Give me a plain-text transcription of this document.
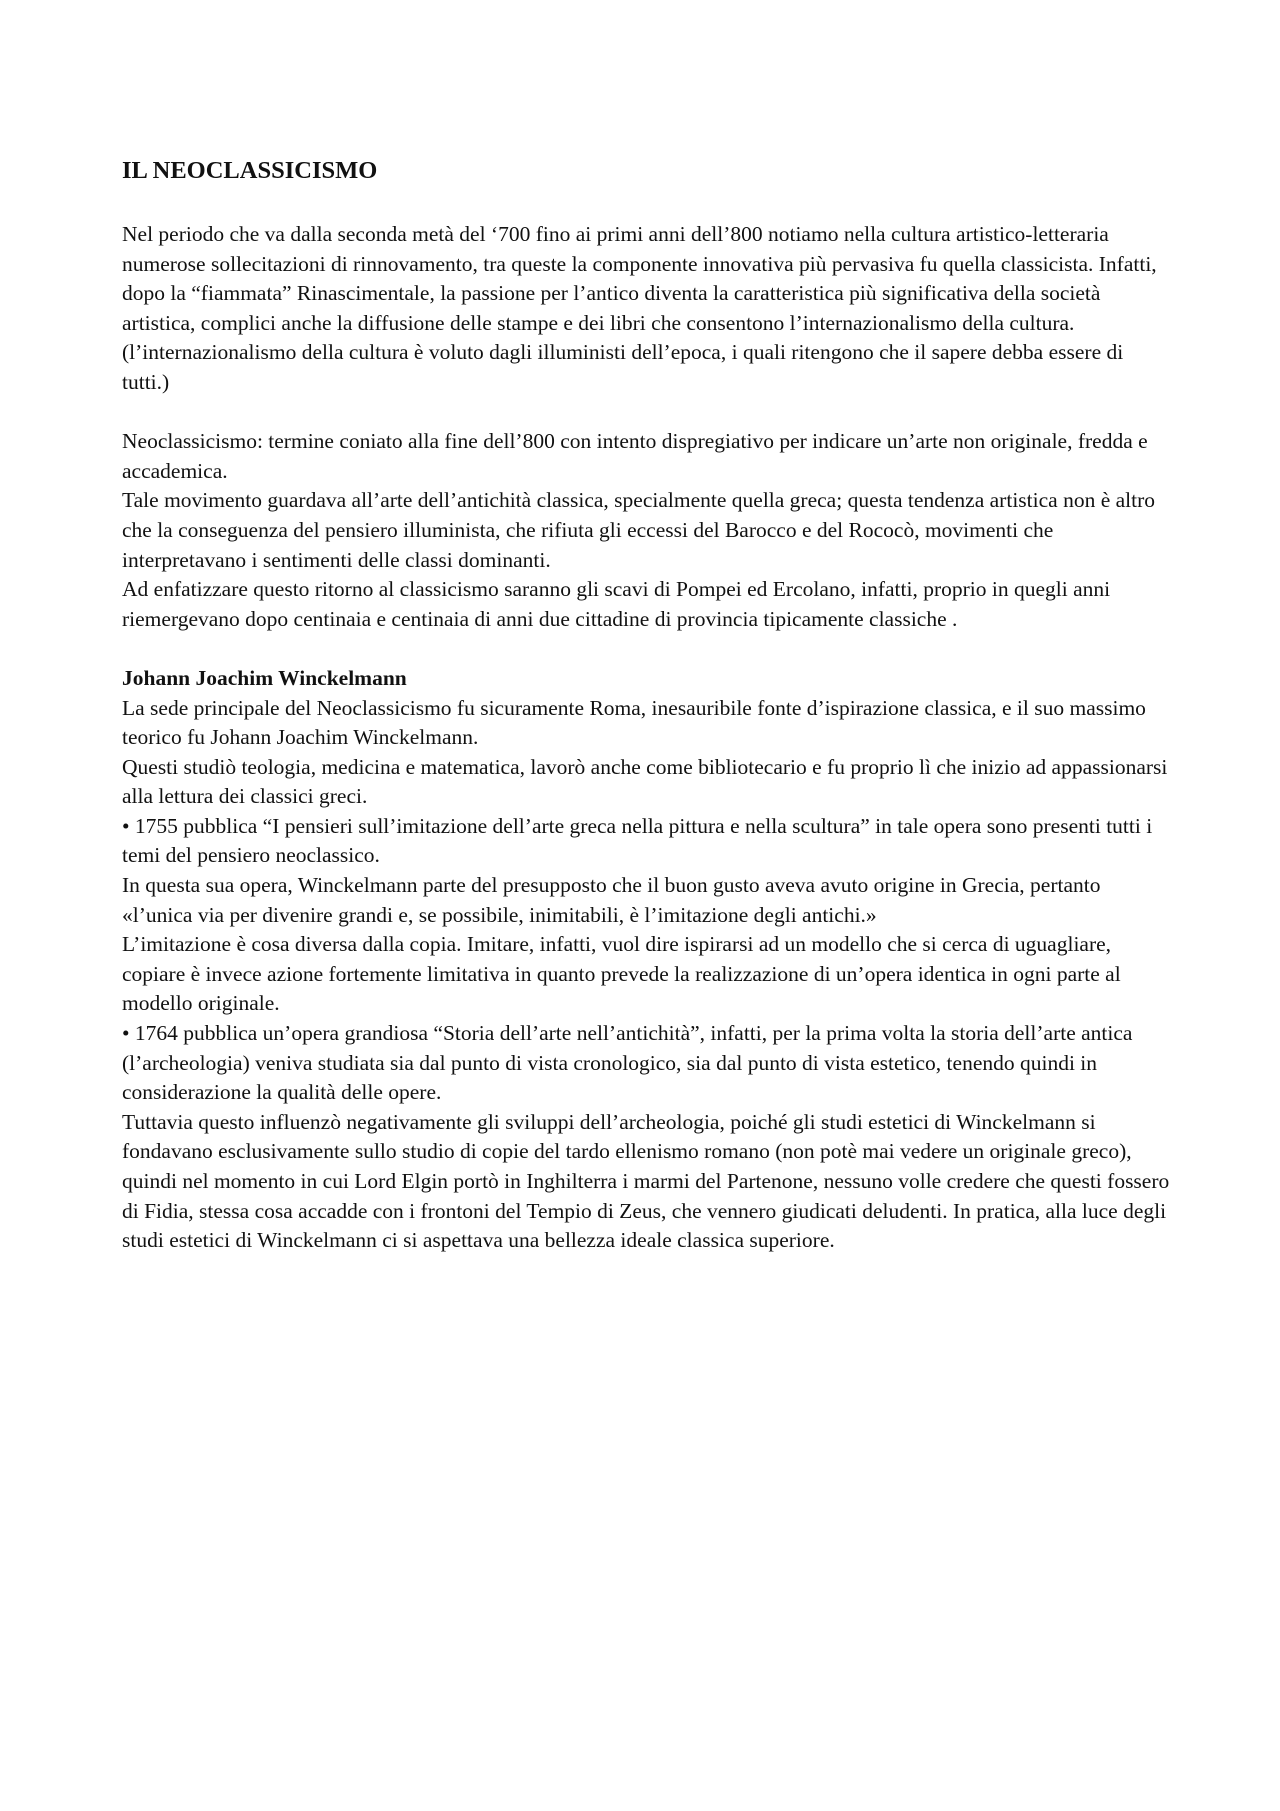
IL NEOCLASSICISMO

Nel periodo che va dalla seconda metà del ‘700 fino ai primi anni dell’800 notiamo nella cultura artistico-letteraria numerose sollecitazioni di rinnovamento, tra queste la componente innovativa più pervasiva fu quella classicista. Infatti, dopo la “fiammata” Rinascimentale, la passione per l’antico diventa la caratteristica più significativa della società artistica, complici anche la diffusione delle stampe e dei libri che consentono l’internazionalismo della cultura. (l’internazionalismo della cultura è voluto dagli illuministi dell’epoca, i quali ritengono che il sapere debba essere di tutti.)

Neoclassicismo: termine coniato alla fine dell’800 con intento dispregiativo per indicare un’arte non originale, fredda e accademica.

Tale movimento guardava all’arte dell’antichità classica, specialmente quella greca; questa tendenza artistica non è altro che la conseguenza del pensiero illuminista, che rifiuta gli eccessi del Barocco e del Rococò, movimenti che interpretavano i sentimenti delle classi dominanti.

Ad enfatizzare questo ritorno al classicismo saranno gli scavi di Pompei ed Ercolano, infatti, proprio in quegli anni riemergevano dopo centinaia e centinaia di anni due cittadine di provincia tipicamente classiche .

Johann Joachim Winckelmann

La sede principale del Neoclassicismo fu sicuramente Roma, inesauribile fonte d’ispirazione classica, e il suo massimo teorico fu Johann Joachim Winckelmann.

Questi studiò teologia, medicina e matematica, lavorò anche come bibliotecario e fu proprio lì che inizio ad appassionarsi alla lettura dei classici greci.

• 1755 pubblica “I pensieri sull’imitazione dell’arte greca nella pittura e nella scultura” in tale opera sono presenti tutti i temi del pensiero neoclassico.

In questa sua opera, Winckelmann parte del presupposto che il buon gusto aveva avuto origine in Grecia, pertanto «l’unica via per divenire grandi e, se possibile, inimitabili, è l’imitazione degli antichi.»

L’imitazione è cosa diversa dalla copia. Imitare, infatti, vuol dire ispirarsi ad un modello che si cerca di uguagliare, copiare è invece azione fortemente limitativa in quanto prevede la realizzazione di un’opera identica in ogni parte al modello originale.

• 1764 pubblica un’opera grandiosa “Storia dell’arte nell’antichità”, infatti, per la prima volta la storia dell’arte antica (l’archeologia) veniva studiata sia dal punto di vista cronologico, sia dal punto di vista estetico, tenendo quindi in considerazione la qualità delle opere.

Tuttavia questo influenzò negativamente gli sviluppi dell’archeologia, poiché gli studi estetici di Winckelmann si fondavano esclusivamente sullo studio di copie del tardo ellenismo romano (non potè mai vedere un originale greco), quindi nel momento in cui Lord Elgin portò in Inghilterra i marmi del Partenone, nessuno volle credere che questi fossero di Fidia, stessa cosa accadde con i frontoni del Tempio di Zeus, che vennero giudicati deludenti. In pratica, alla luce degli studi estetici di Winckelmann ci si aspettava una bellezza ideale classica superiore.
